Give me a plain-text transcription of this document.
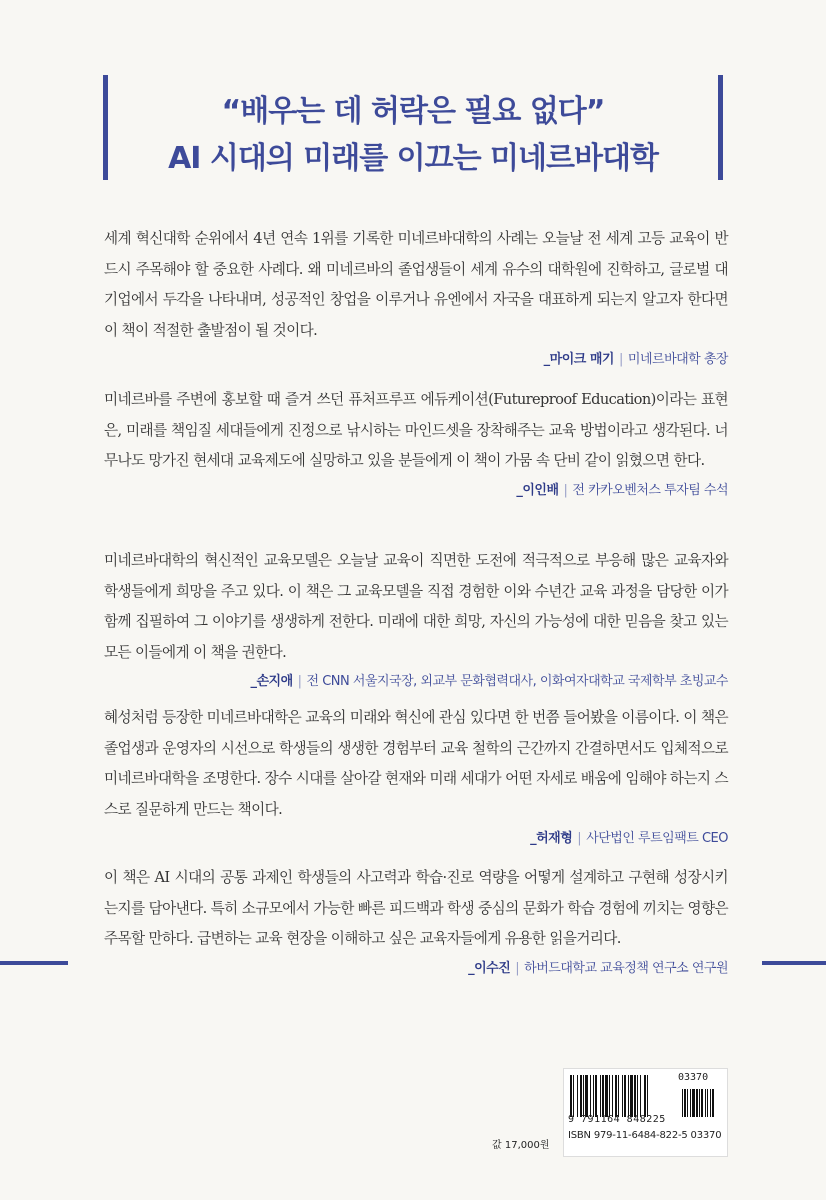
“배우는 데 허락은 필요 없다”
AI 시대의 미래를 이끄는 미네르바대학

세계 혁신대학 순위에서 4년 연속 1위를 기록한 미네르바대학의 사례는 오늘날 전 세계 고등 교육이 반드시 주목해야 할 중요한 사례다. 왜 미네르바의 졸업생들이 세계 유수의 대학원에 진학하고, 글로벌 대기업에서 두각을 나타내며, 성공적인 창업을 이루거나 유엔에서 자국을 대표하게 되는지 알고자 한다면 이 책이 적절한 출발점이 될 것이다.

_마이크 매기 | 미네르바대학 총장

미네르바를 주변에 홍보할 때 즐겨 쓰던 퓨처프루프 에듀케이션(Futureproof Education)이라는 표현은, 미래를 책임질 세대들에게 진정으로 낚시하는 마인드셋을 장착해주는 교육 방법이라고 생각된다. 너무나도 망가진 현세대 교육제도에 실망하고 있을 분들에게 이 책이 가뭄 속 단비 같이 읽혔으면 한다.

_이인배 | 전 카카오벤처스 투자팀 수석

미네르바대학의 혁신적인 교육모델은 오늘날 교육이 직면한 도전에 적극적으로 부응해 많은 교육자와 학생들에게 희망을 주고 있다. 이 책은 그 교육모델을 직접 경험한 이와 수년간 교육 과정을 담당한 이가 함께 집필하여 그 이야기를 생생하게 전한다. 미래에 대한 희망, 자신의 가능성에 대한 믿음을 찾고 있는 모든 이들에게 이 책을 권한다.

_손지애 | 전 CNN 서울지국장, 외교부 문화협력대사, 이화여자대학교 국제학부 초빙교수

혜성처럼 등장한 미네르바대학은 교육의 미래와 혁신에 관심 있다면 한 번쯤 들어봤을 이름이다. 이 책은 졸업생과 운영자의 시선으로 학생들의 생생한 경험부터 교육 철학의 근간까지 간결하면서도 입체적으로 미네르바대학을 조명한다. 장수 시대를 살아갈 현재와 미래 세대가 어떤 자세로 배움에 임해야 하는지 스스로 질문하게 만드는 책이다.

_허재형 | 사단법인 루트임팩트 CEO

이 책은 AI 시대의 공통 과제인 학생들의 사고력과 학습·진로 역량을 어떻게 설계하고 구현해 성장시키는지를 담아낸다. 특히 소규모에서 가능한 빠른 피드백과 학생 중심의 문화가 학습 경험에 끼치는 영향은 주목할 만하다. 급변하는 교육 현장을 이해하고 싶은 교육자들에게 유용한 읽을거리다.

_이수진 | 하버드대학교 교육정책 연구소 연구원
9 791164 848225
03370
ISBN 979-11-6484-822-5 03370
값 17,000원
